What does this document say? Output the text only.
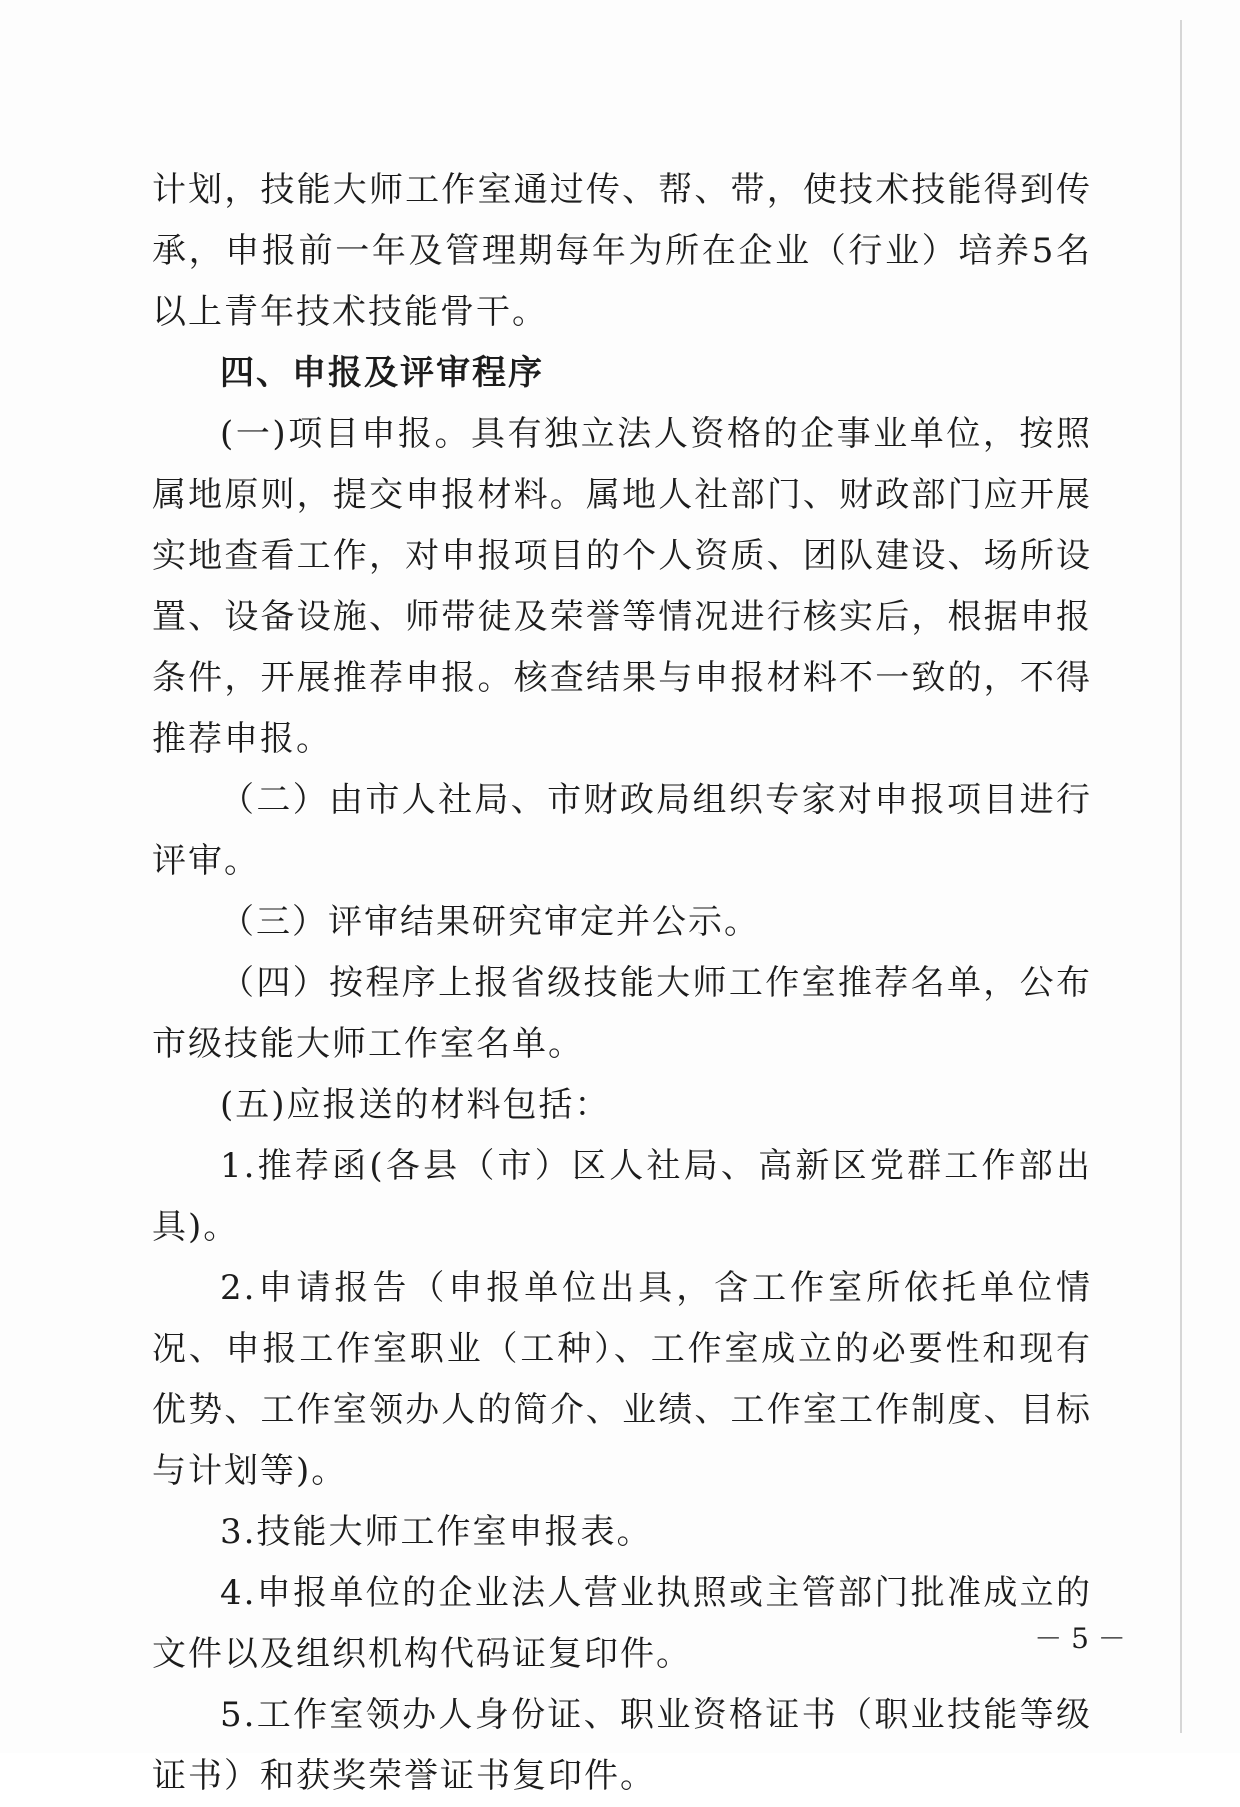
计划，技能大师工作室通过传、帮、带，使技术技能得到传承，申报前一年及管理期每年为所在企业（行业）培养5名以上青年技术技能骨干。

四、申报及评审程序

(一)项目申报。具有独立法人资格的企事业单位，按照属地原则，提交申报材料。属地人社部门、财政部门应开展实地查看工作，对申报项目的个人资质、团队建设、场所设置、设备设施、师带徒及荣誉等情况进行核实后，根据申报条件，开展推荐申报。核查结果与申报材料不一致的，不得推荐申报。

（二）由市人社局、市财政局组织专家对申报项目进行评审。

（三）评审结果研究审定并公示。

（四）按程序上报省级技能大师工作室推荐名单，公布市级技能大师工作室名单。

(五)应报送的材料包括：

1.推荐函(各县（市）区人社局、高新区党群工作部出具)。

2.申请报告（申报单位出具，含工作室所依托单位情况、申报工作室职业（工种）、工作室成立的必要性和现有优势、工作室领办人的简介、业绩、工作室工作制度、目标与计划等)。

3.技能大师工作室申报表。

4.申报单位的企业法人营业执照或主管部门批准成立的文件以及组织机构代码证复印件。

5.工作室领办人身份证、职业资格证书（职业技能等级证书）和获奖荣誉证书复印件。

－ 5 －
